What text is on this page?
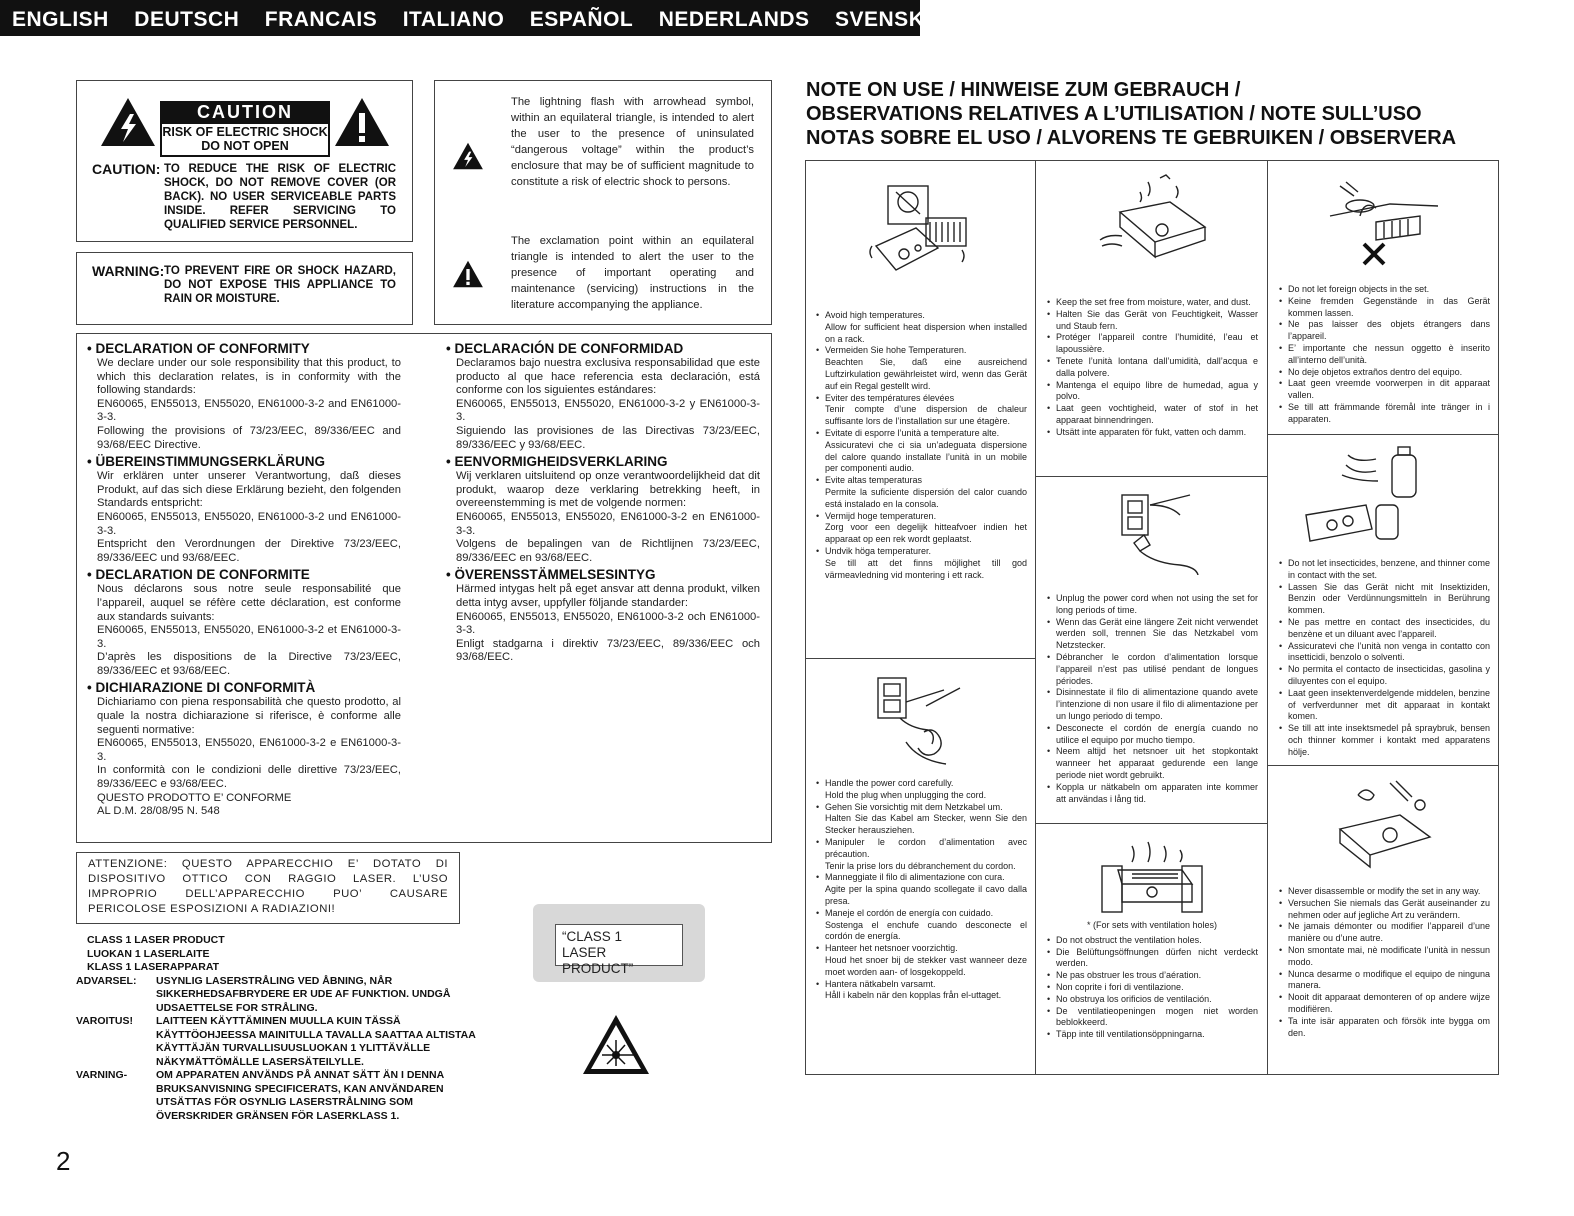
ENGLISH DEUTSCH FRANCAIS ITALIANO ESPAÑOL NEDERLANDS SVENSKA
CAUTION
RISK OF ELECTRIC SHOCK
DO NOT OPEN
CAUTION: TO REDUCE THE RISK OF ELECTRIC SHOCK, DO NOT REMOVE COVER (OR BACK). NO USER SERVICEABLE PARTS INSIDE. REFER SERVICING TO QUALIFIED SERVICE PERSONNEL.
WARNING: TO PREVENT FIRE OR SHOCK HAZARD, DO NOT EXPOSE THIS APPLIANCE TO RAIN OR MOISTURE.
The lightning flash with arrowhead symbol, within an equilateral triangle, is intended to alert the user to the presence of uninsulated “dangerous voltage” within the product’s enclosure that may be of sufficient magnitude to constitute a risk of electric shock to persons.
The exclamation point within an equilateral triangle is intended to alert the user to the presence of important operating and maintenance (servicing) instructions in the literature accompanying the appliance.
• DECLARATION OF CONFORMITY

We declare under our sole responsibility that this product, to which this declaration relates, is in conformity with the following standards:

EN60065, EN55013, EN55020, EN61000-3-2 and EN61000-3-3.

Following the provisions of 73/23/EEC, 89/336/EEC and 93/68/EEC Directive.

• ÜBEREINSTIMMUNGSERKLÄRUNG

Wir erklären unter unserer Verantwortung, daß dieses Produkt, auf das sich diese Erklärung bezieht, den folgenden Standards entspricht:

EN60065, EN55013, EN55020, EN61000-3-2 und EN61000-3-3.

Entspricht den Verordnungen der Direktive 73/23/EEC, 89/336/EEC und 93/68/EEC.

• DECLARATION DE CONFORMITE

Nous déclarons sous notre seule responsabilité que l’appareil, auquel se réfère cette déclaration, est conforme aux standards suivants:

EN60065, EN55013, EN55020, EN61000-3-2 et EN61000-3-3.

D’après les dispositions de la Directive 73/23/EEC, 89/336/EEC et 93/68/EEC.

• DICHIARAZIONE DI CONFORMITÀ

Dichiariamo con piena responsabilità che questo prodotto, al quale la nostra dichiarazione si riferisce, è conforme alle seguenti normative:

EN60065, EN55013, EN55020, EN61000-3-2 e EN61000-3-3.

In conformità con le condizioni delle direttive 73/23/EEC, 89/336/EEC e 93/68/EEC.

QUESTO PRODOTTO E’ CONFORME

AL D.M. 28/08/95 N. 548

• DECLARACIÓN DE CONFORMIDAD

Declaramos bajo nuestra exclusiva responsabilidad que este producto al que hace referencia esta declaración, está conforme con los siguientes estándares:

EN60065, EN55013, EN55020, EN61000-3-2 y EN61000-3-3.

Siguiendo las provisiones de las Directivas 73/23/EEC, 89/336/EEC y 93/68/EEC.

• EENVORMIGHEIDSVERKLARING

Wij verklaren uitsluitend op onze verantwoordelijkheid dat dit produkt, waarop deze verklaring betrekking heeft, in overeenstemming is met de volgende normen:

EN60065, EN55013, EN55020, EN61000-3-2 en EN61000-3-3.

Volgens de bepalingen van de Richtlijnen 73/23/EEC, 89/336/EEC en 93/68/EEC.

• ÖVERENSSTÄMMELSESINTYG

Härmed intygas helt på eget ansvar att denna produkt, vilken detta intyg avser, uppfyller följande standarder:

EN60065, EN55013, EN55020, EN61000-3-2 och EN61000-3-3.

Enligt stadgarna i direktiv 73/23/EEC, 89/336/EEC och 93/68/EEC.

ATTENZIONE: QUESTO APPARECCHIO E’ DOTATO DI DISPOSITIVO OTTICO CON RAGGIO LASER. L’USO IMPROPRIO DELL’APPARECCHIO PUO’ CAUSARE PERICOLOSE ESPOSIZIONI A RADIAZIONI!
CLASS 1 LASER PRODUCT
LUOKAN 1 LASERLAITE
KLASS 1 LASERAPPARAT
ADVARSEL:	USYNLIG LASERSTRÅLING VED ÅBNING, NÅR SIKKERHEDSAFBRYDERE ER UDE AF FUNKTION. UNDGÅ UDSAETTELSE FOR STRÅLING.
VAROITUS!	LAITTEEN KÄYTTÄMINEN MUULLA KUIN TÄSSÄ KÄYTTÖOHJEESSA MAINITULLA TAVALLA SAATTAA ALTISTAA KÄYTTÄJÄN TURVALLISUUSLUOKAN 1 YLITTÄVÄLLE NÄKYMÄTTÖMÄLLE LASERSÄTEILYLLE.
VARNING-	OM APPARATEN ANVÄNDS PÅ ANNAT SÄTT ÄN I DENNA BRUKSANVISNING SPECIFICERATS, KAN ANVÄNDAREN UTSÄTTAS FÖR OSYNLIG LASERSTRÅLNING SOM ÖVERSKRIDER GRÄNSEN FÖR LASERKLASS 1.
“CLASS 1
LASER PRODUCT”
2
NOTE ON USE / HINWEISE ZUM GEBRAUCH /
OBSERVATIONS RELATIVES A L’UTILISATION / NOTE SULL’USO
NOTAS SOBRE EL USO / ALVORENS TE GEBRUIKEN / OBSERVERA
• Avoid high temperatures.
Allow for sufficient heat dispersion when installed on a rack.
• Vermeiden Sie hohe Temperaturen.
Beachten Sie, daß eine ausreichend Luftzirkulation gewährleistet wird, wenn das Gerät auf ein Regal gestellt wird.
• Eviter des températures élevées
Tenir compte d’une dispersion de chaleur suffisante lors de l’installation sur une étagère.
• Evitate di esporre l’unità a temperature alte.
Assicuratevi che ci sia un’adeguata dispersione del calore quando installate l’unità in un mobile per componenti audio.
• Evite altas temperaturas
Permite la suficiente dispersión del calor cuando está instalado en la consola.
• Vermijd hoge temperaturen.
Zorg voor een degelijk hitteafvoer indien het apparaat op een rek wordt geplaatst.
• Undvik höga temperaturer.
Se till att det finns möjlighet till god värmeavledning vid montering i ett rack.
• Keep the set free from moisture, water, and dust.
• Halten Sie das Gerät von Feuchtigkeit, Wasser und Staub fern.
• Protéger l’appareil contre l’humidité, l’eau et lapoussière.
• Tenete l’unità lontana dall’umidità, dall’acqua e dalla polvere.
• Mantenga el equipo libre de humedad, agua y polvo.
• Laat geen vochtigheid, water of stof in het apparaat binnendringen.
• Utsätt inte apparaten för fukt, vatten och damm.
• Do not let foreign objects in the set.
• Keine fremden Gegenstände in das Gerät kommen lassen.
• Ne pas laisser des objets étrangers dans l’appareil.
• E’ importante che nessun oggetto è inserito all’interno dell’unità.
• No deje objetos extraños dentro del equipo.
• Laat geen vreemde voorwerpen in dit apparaat vallen.
• Se till att främmande föremål inte tränger in i apparaten.
• Unplug the power cord when not using the set for long periods of time.
• Wenn das Gerät eine längere Zeit nicht verwendet werden soll, trennen Sie das Netzkabel vom Netzstecker.
• Débrancher le cordon d’alimentation lorsque l’appareil n’est pas utilisé pendant de longues périodes.
• Disinnestate il filo di alimentazione quando avete l’intenzione di non usare il filo di alimentazione per un lungo periodo di tempo.
• Desconecte el cordón de energía cuando no utilice el equipo por mucho tiempo.
• Neem altijd het netsnoer uit het stopkontakt wanneer het apparaat gedurende een lange periode niet wordt gebruikt.
• Koppla ur nätkabeln om apparaten inte kommer att användas i lång tid.
• Do not let insecticides, benzene, and thinner come in contact with the set.
• Lassen Sie das Gerät nicht mit Insektiziden, Benzin oder Verdünnungsmitteln in Berührung kommen.
• Ne pas mettre en contact des insecticides, du benzène et un diluant avec l’appareil.
• Assicuratevi che l’unità non venga in contatto con insetticidi, benzolo o solventi.
• No permita el contacto de insecticidas, gasolina y diluyentes con el equipo.
• Laat geen insektenverdelgende middelen, benzine of verfverdunner met dit apparaat in kontakt komen.
• Se till att inte insektsmedel på spraybruk, bensen och thinner kommer i kontakt med apparatens hölje.
• Handle the power cord carefully.
Hold the plug when unplugging the cord.
• Gehen Sie vorsichtig mit dem Netzkabel um.
Halten Sie das Kabel am Stecker, wenn Sie den Stecker herausziehen.
• Manipuler le cordon d’alimentation avec précaution.
Tenir la prise lors du débranchement du cordon.
• Manneggiate il filo di alimentazione con cura.
Agite per la spina quando scollegate il cavo dalla presa.
• Maneje el cordón de energía con cuidado.
Sostenga el enchufe cuando desconecte el cordón de energía.
• Hanteer het netsnoer voorzichtig.
Houd het snoer bij de stekker vast wanneer deze moet worden aan- of losgekoppeld.
• Hantera nätkabeln varsamt.
Håll i kabeln när den kopplas från el-uttaget.
* (For sets with ventilation holes)
• Do not obstruct the ventilation holes.
• Die Belüftungsöffnungen dürfen nicht verdeckt werden.
• Ne pas obstruer les trous d’aération.
• Non coprite i fori di ventilazione.
• No obstruya los orificios de ventilación.
• De ventilatieopeningen mogen niet worden beblokkeerd.
• Täpp inte till ventilationsöppningarna.
• Never disassemble or modify the set in any way.
• Versuchen Sie niemals das Gerät auseinander zu nehmen oder auf jegliche Art zu verändern.
• Ne jamais démonter ou modifier l’appareil d’une manière ou d’une autre.
• Non smontate mai, nè modificate l’unità in nessun modo.
• Nunca desarme o modifique el equipo de ninguna manera.
• Nooit dit apparaat demonteren of op andere wijze modifiëren.
• Ta inte isär apparaten och försök inte bygga om den.
